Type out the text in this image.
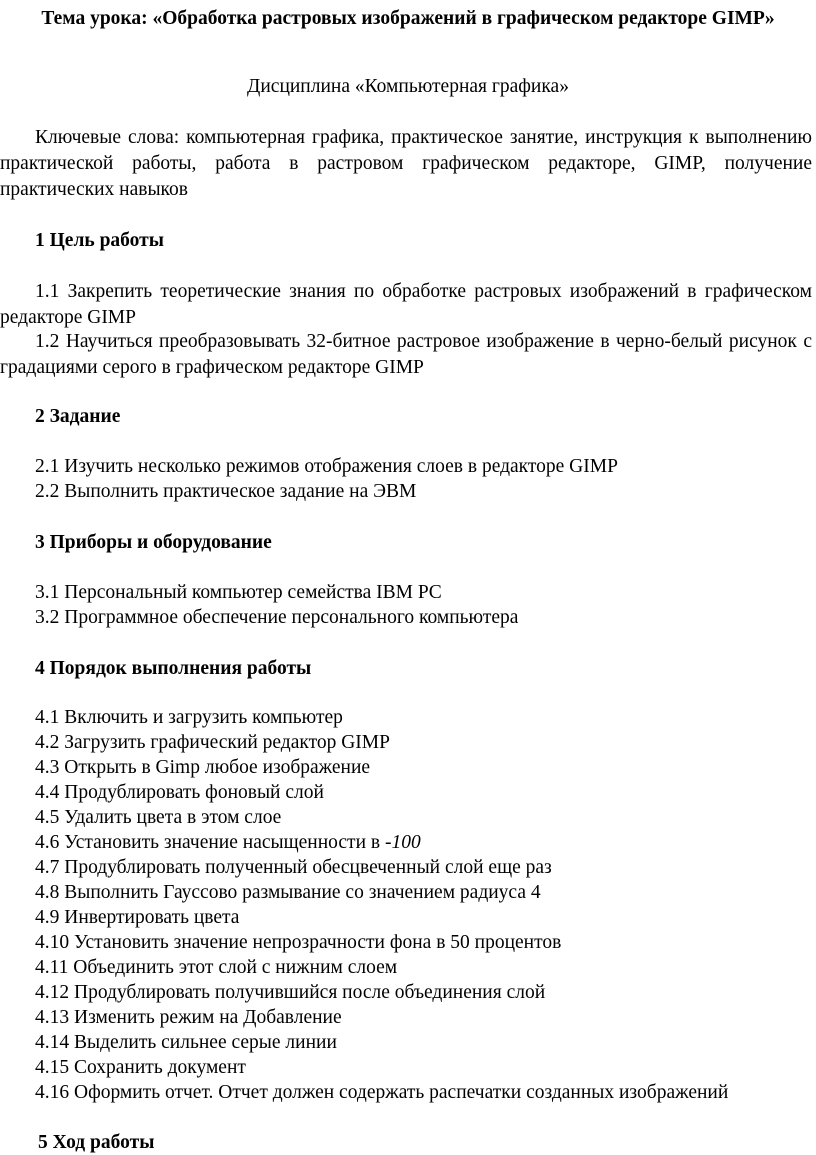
Тема урока: «Обработка растровых изображений в графическом редакторе GIMP»
Дисциплина «Компьютерная графика»
Ключевые слова: компьютерная графика, практическое занятие, инструкция к выполнению практической работы, работа в растровом графическом редакторе, GIMP, получение практических навыков
1 Цель работы
1.1 Закрепить теоретические знания по обработке растровых изображений в графическом редакторе GIMP
1.2 Научиться преобразовывать 32-битное растровое изображение в черно-белый рисунок с градациями серого в графическом редакторе GIMP
2 Задание
2.1 Изучить несколько режимов отображения слоев в редакторе GIMP
2.2 Выполнить практическое задание на ЭВМ
3 Приборы и оборудование
3.1 Персональный компьютер семейства IBM PC
3.2 Программное обеспечение персонального компьютера
4 Порядок выполнения работы
4.1 Включить и загрузить компьютер
4.2 Загрузить графический редактор GIMP
4.3 Открыть в Gimp любое изображение
4.4 Продублировать фоновый слой
4.5 Удалить цвета в этом слое
4.6 Установить значение насыщенности в -100
4.7 Продублировать полученный обесцвеченный слой еще раз
4.8 Выполнить Гауссово размывание со значением радиуса 4
4.9 Инвертировать цвета
4.10 Установить значение непрозрачности фона в 50 процентов
4.11 Объединить этот слой с нижним слоем
4.12 Продублировать получившийся после объединения слой
4.13 Изменить режим на Добавление
4.14 Выделить сильнее серые линии
4.15 Сохранить документ
4.16 Оформить отчет. Отчет должен содержать распечатки созданных изображений
5 Ход работы
